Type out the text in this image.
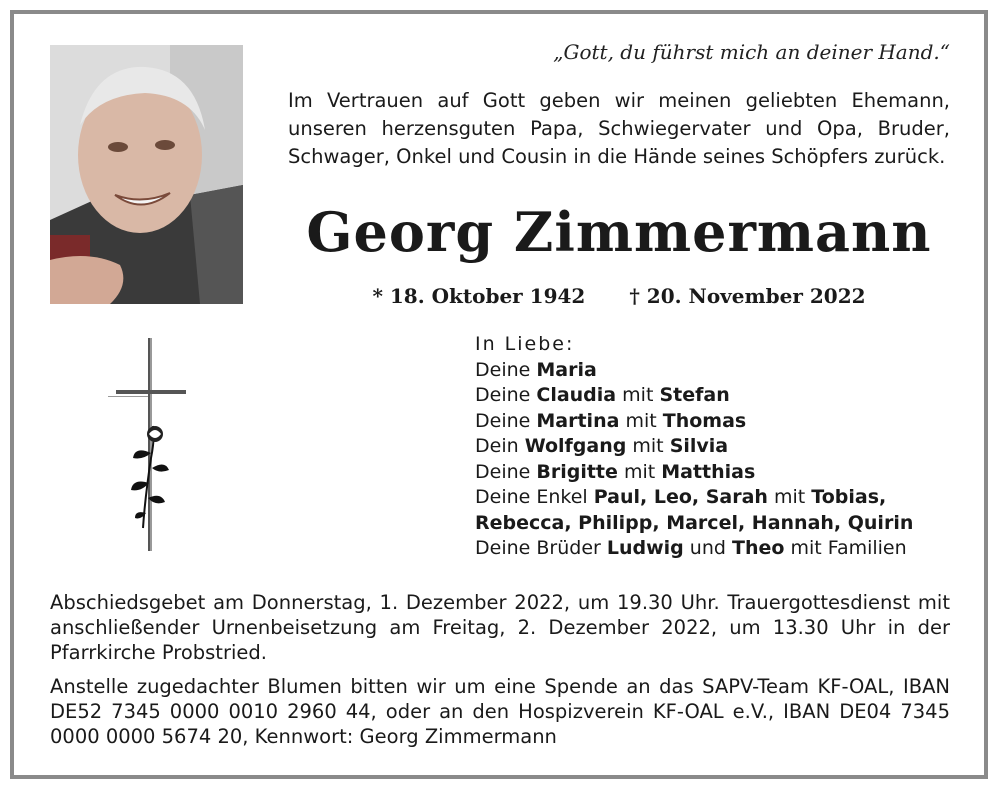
„Gott, du führst mich an deiner Hand.“
Im Vertrauen auf Gott geben wir meinen geliebten Ehemann, unseren herzensguten Papa, Schwiegervater und Opa, Bruder, Schwager, Onkel und Cousin in die Hände seines Schöpfers zurück.
Georg Zimmermann
* 18. Oktober 1942 † 20. November 2022
In Liebe:
Deine Maria
Deine Claudia mit Stefan
Deine Martina mit Thomas
Dein Wolfgang mit Silvia
Deine Brigitte mit Matthias
Deine Enkel Paul, Leo, Sarah mit Tobias,
Rebecca, Philipp, Marcel, Hannah, Quirin
Deine Brüder Ludwig und Theo mit Familien
Abschiedsgebet am Donnerstag, 1. Dezember 2022, um 19.30 Uhr. Trauergottesdienst mit anschließender Urnenbeisetzung am Freitag, 2. Dezember 2022, um 13.30 Uhr in der Pfarrkirche Probstried.
Anstelle zugedachter Blumen bitten wir um eine Spende an das SAPV-Team KF-OAL, IBAN DE52 7345 0000 0010 2960 44, oder an den Hospizverein KF-OAL e.V., IBAN DE04 7345 0000 0000 5674 20, Kennwort: Georg Zimmermann
